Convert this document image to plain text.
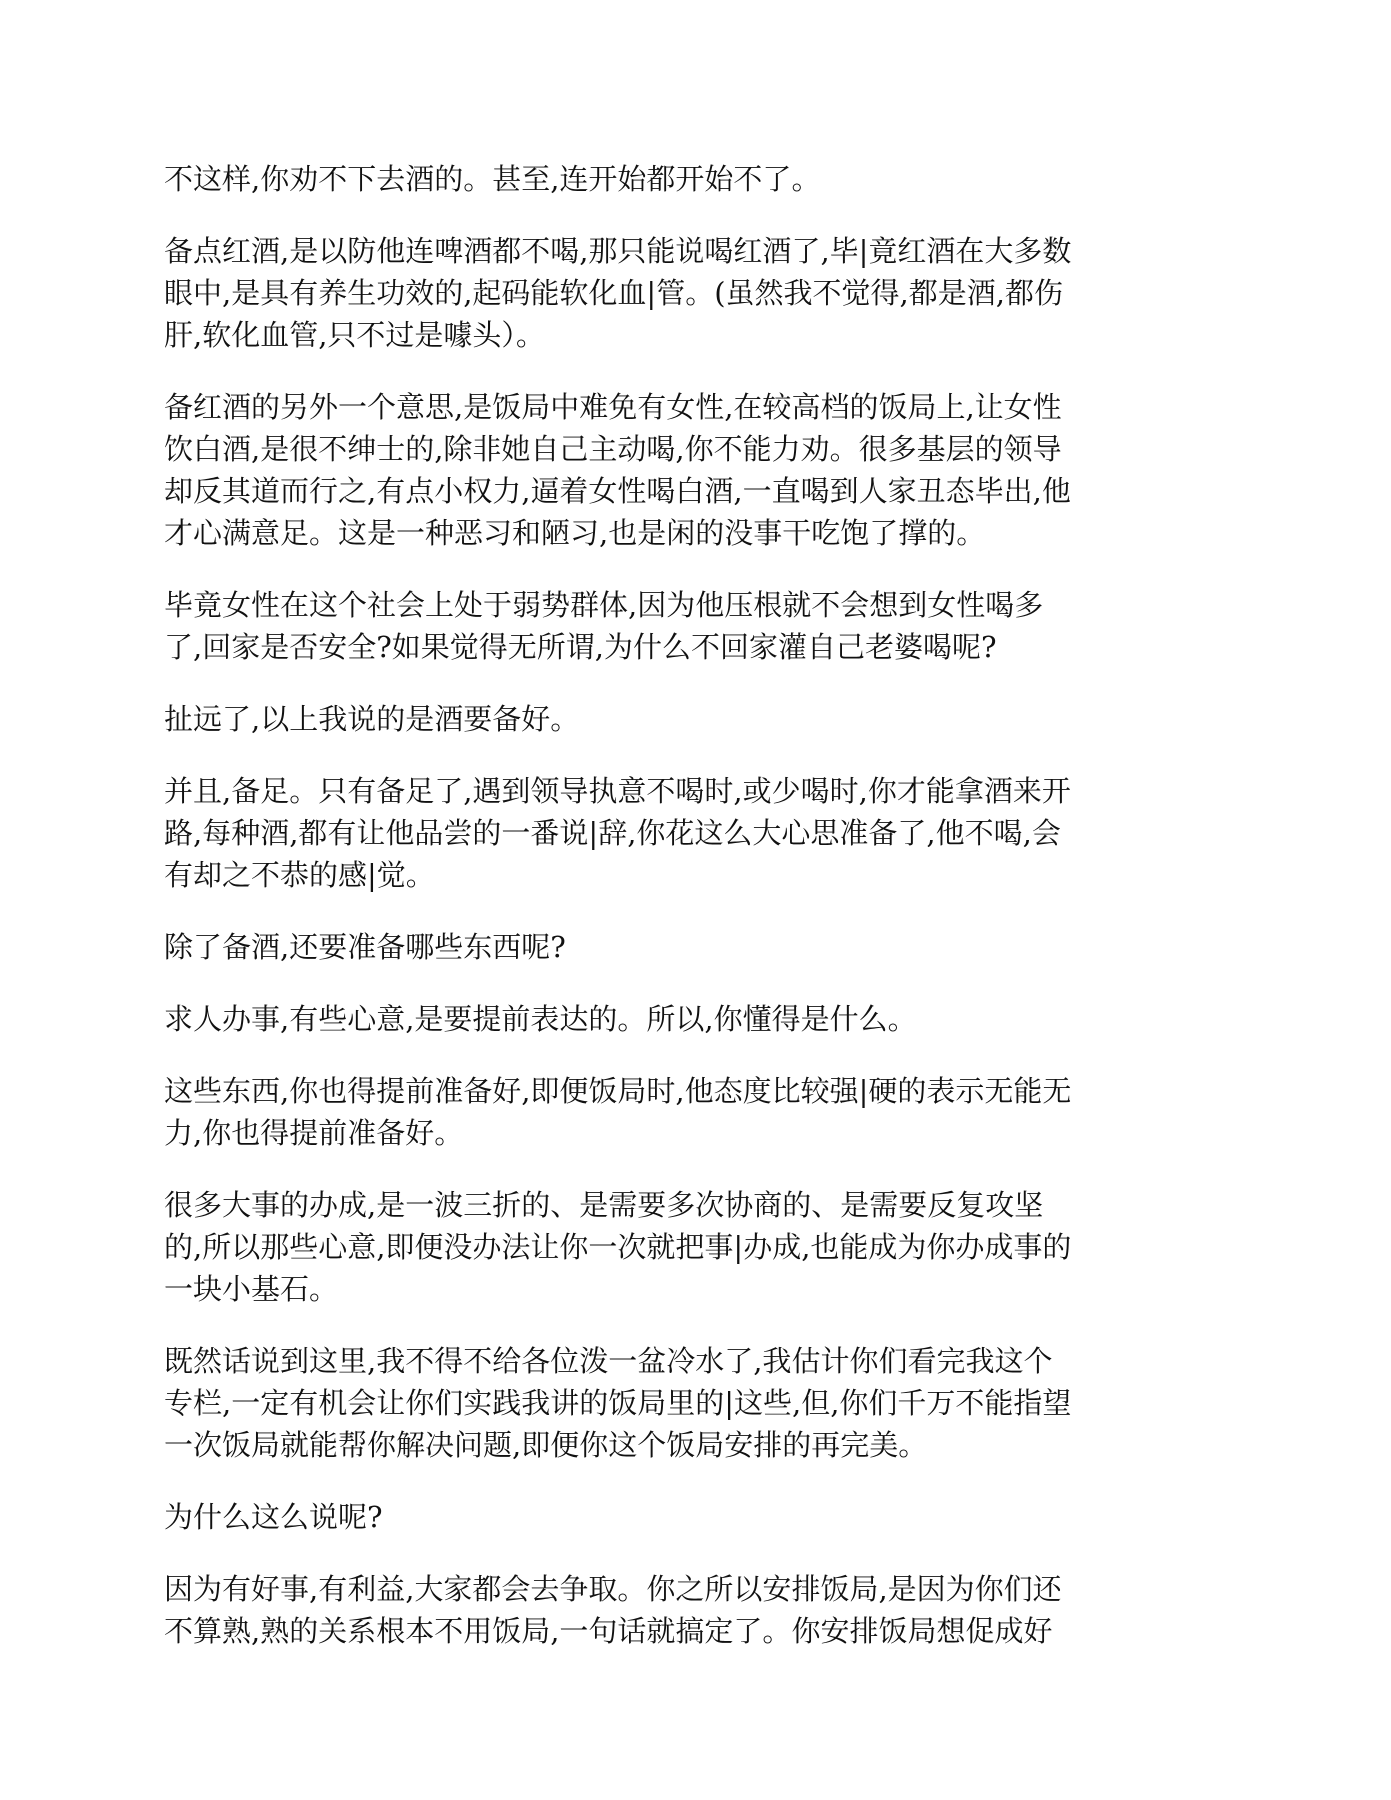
不这样,你劝不下去酒的。甚至,连开始都开始不了。

备点红酒,是以防他连啤酒都不喝,那只能说喝红酒了,毕|竟红酒在大多数
眼中,是具有养生功效的,起码能软化血|管。(虽然我不觉得,都是酒,都伤
肝,软化血管,只不过是噱头）。

备红酒的另外一个意思,是饭局中难免有女性,在较高档的饭局上,让女性
饮白酒,是很不绅士的,除非她自己主动喝,你不能力劝。很多基层的领导
却反其道而行之,有点小权力,逼着女性喝白酒,一直喝到人家丑态毕出,他
才心满意足。这是一种恶习和陋习,也是闲的没事干吃饱了撑的。

毕竟女性在这个社会上处于弱势群体,因为他压根就不会想到女性喝多
了,回家是否安全?如果觉得无所谓,为什么不回家灌自己老婆喝呢?

扯远了,以上我说的是酒要备好。

并且,备足。只有备足了,遇到领导执意不喝时,或少喝时,你才能拿酒来开
路,每种酒,都有让他品尝的一番说|辞,你花这么大心思准备了,他不喝,会
有却之不恭的感|觉。

除了备酒,还要准备哪些东西呢?

求人办事,有些心意,是要提前表达的。所以,你懂得是什么。

这些东西,你也得提前准备好,即便饭局时,他态度比较强|硬的表示无能无
力,你也得提前准备好。

很多大事的办成,是一波三折的、是需要多次协商的、是需要反复攻坚
的,所以那些心意,即便没办法让你一次就把事|办成,也能成为你办成事的
一块小基石。

既然话说到这里,我不得不给各位泼一盆冷水了,我估计你们看完我这个
专栏,一定有机会让你们实践我讲的饭局里的|这些,但,你们千万不能指望
一次饭局就能帮你解决问题,即便你这个饭局安排的再完美。

为什么这么说呢?

因为有好事,有利益,大家都会去争取。你之所以安排饭局,是因为你们还
不算熟,熟的关系根本不用饭局,一句话就搞定了。你安排饭局想促成好
